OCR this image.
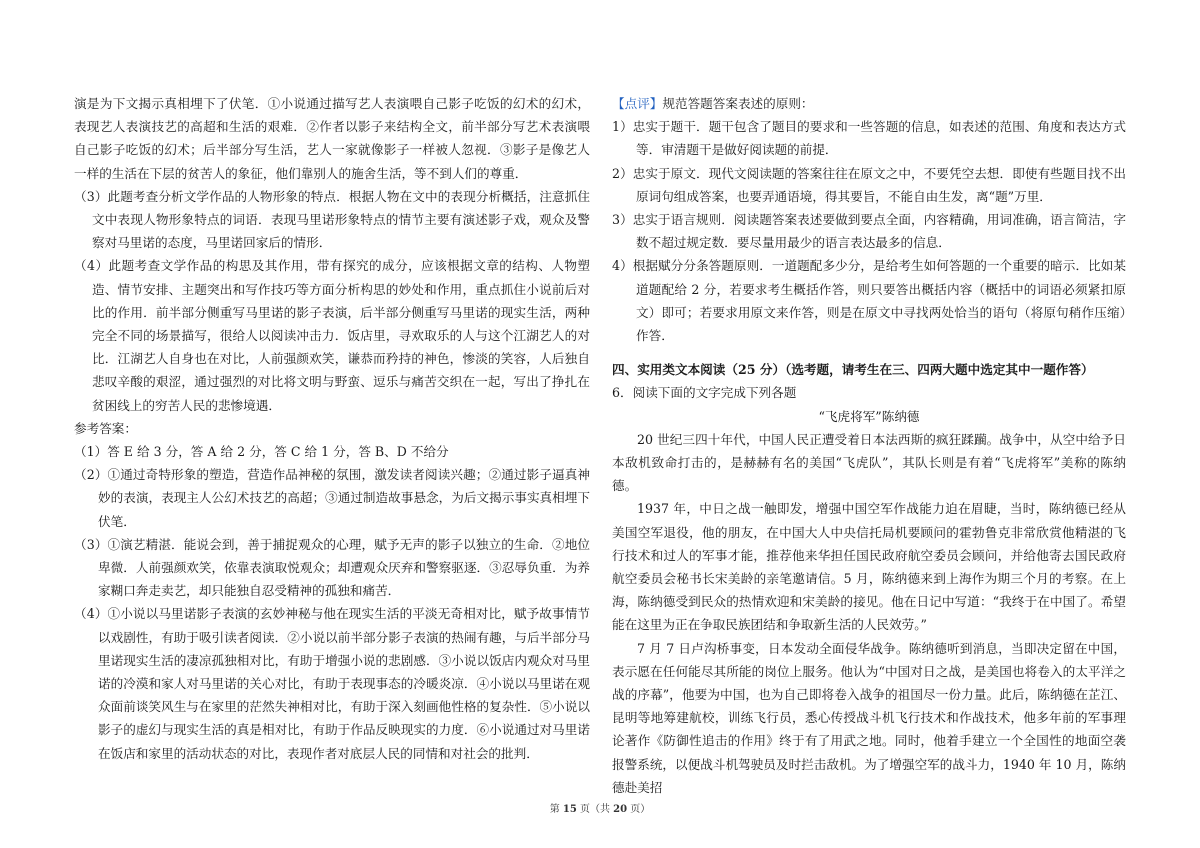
演是为下文揭示真相埋下了伏笔．①小说通过描写艺人表演喂自己影子吃饭的幻术的幻术，表现艺人表演技艺的高超和生活的艰难．②作者以影子来结构全文，前半部分写艺术表演喂自己影子吃饭的幻术；后半部分写生活，艺人一家就像影子一样被人忽视．③影子是像艺人一样的生活在下层的贫苦人的象征，他们靠别人的施舍生活，等不到人们的尊重．

（3）此题考查分析文学作品的人物形象的特点．根据人物在文中的表现分析概括，注意抓住文中表现人物形象特点的词语．表现马里诺形象特点的情节主要有演述影子戏，观众及警察对马里诺的态度，马里诺回家后的情形．

（4）此题考查文学作品的构思及其作用，带有探究的成分，应该根据文章的结构、人物塑造、情节安排、主题突出和写作技巧等方面分析构思的妙处和作用，重点抓住小说前后对比的作用．前半部分侧重写马里诺的影子表演，后半部分侧重写马里诺的现实生活，两种完全不同的场景描写，很给人以阅读冲击力．饭店里，寻欢取乐的人与这个江湖艺人的对比．江湖艺人自身也在对比，人前强颜欢笑，谦恭而矜持的神色，惨淡的笑容，人后独自悲叹辛酸的艰涩，通过强烈的对比将文明与野蛮、逗乐与痛苦交织在一起，写出了挣扎在贫困线上的穷苦人民的悲惨境遇．

参考答案：

（1）答 E 给 3 分，答 A 给 2 分，答 C 给 1 分，答 B、D 不给分

（2）①通过奇特形象的塑造，营造作品神秘的氛围，激发读者阅读兴趣；②通过影子逼真神妙的表演，表现主人公幻术技艺的高超；③通过制造故事悬念，为后文揭示事实真相埋下伏笔．

（3）①演艺精湛．能说会到，善于捕捉观众的心理，赋予无声的影子以独立的生命．②地位卑微．人前强颜欢笑，依靠表演取悦观众；却遭观众厌弃和警察驱逐．③忍辱负重．为养家糊口奔走卖艺，却只能独自忍受精神的孤独和痛苦．

（4）①小说以马里诺影子表演的玄妙神秘与他在现实生活的平淡无奇相对比，赋予故事情节以戏剧性，有助于吸引读者阅读．②小说以前半部分影子表演的热闹有趣，与后半部分马里诺现实生活的凄凉孤独相对比，有助于增强小说的悲剧感．③小说以饭店内观众对马里诺的冷漠和家人对马里诺的关心对比，有助于表现事态的冷暖炎凉．④小说以马里诺在观众面前谈笑风生与在家里的茫然失神相对比，有助于深入刻画他性格的复杂性．⑤小说以影子的虚幻与现实生活的真是相对比，有助于作品反映现实的力度．⑥小说通过对马里诺在饭店和家里的活动状态的对比，表现作者对底层人民的同情和对社会的批判．

【点评】规范答题答案表述的原则：

1）忠实于题干．题干包含了题目的要求和一些答题的信息，如表述的范围、角度和表达方式等．审清题干是做好阅读题的前提．

2）忠实于原文．现代文阅读题的答案往往在原文之中，不要凭空去想．即使有些题目找不出原词句组成答案，也要弄通语境，得其要旨，不能自由生发，离“题”万里．

3）忠实于语言规则．阅读题答案表述要做到要点全面，内容精确，用词准确，语言简洁，字数不超过规定数．要尽量用最少的语言表达最多的信息．

4）根据赋分分条答题原则．一道题配多少分，是给考生如何答题的一个重要的暗示．比如某道题配给 2 分，若要求考生概括作答，则只要答出概括内容（概括中的词语必须紧扣原文）即可；若要求用原文来作答，则是在原文中寻找两处恰当的语句（将原句稍作压缩）作答．

四、实用类文本阅读（25 分）（选考题，请考生在三、四两大题中选定其中一题作答）

6．阅读下面的文字完成下列各题

“飞虎将军”陈纳德

20 世纪三四十年代，中国人民正遭受着日本法西斯的疯狂蹂躏。战争中，从空中给予日本敌机致命打击的，是赫赫有名的美国“飞虎队”，其队长则是有着“飞虎将军”美称的陈纳德。

1937 年，中日之战一触即发，增强中国空军作战能力迫在眉睫，当时，陈纳德已经从美国空军退役，他的朋友，在中国大人中央信托局机要顾问的霍勃鲁克非常欣赏他精湛的飞行技术和过人的军事才能，推荐他来华担任国民政府航空委员会顾问，并给他寄去国民政府航空委员会秘书长宋美龄的亲笔邀请信。5 月，陈纳德来到上海作为期三个月的考察。在上海，陈纳德受到民众的热情欢迎和宋美龄的接见。他在日记中写道：“我终于在中国了。希望能在这里为正在争取民族团结和争取新生活的人民效劳。”

7 月 7 日卢沟桥事变，日本发动全面侵华战争。陈纳德听到消息，当即决定留在中国，表示愿在任何能尽其所能的岗位上服务。他认为“中国对日之战，是美国也将卷入的太平洋之战的序幕”，他要为中国，也为自己即将卷入战争的祖国尽一份力量。此后，陈纳德在芷江、昆明等地筹建航校，训练飞行员，悉心传授战斗机飞行技术和作战技术，他多年前的军事理论著作《防御性追击的作用》终于有了用武之地。同时，他着手建立一个全国性的地面空袭报警系统，以便战斗机驾驶员及时拦击敌机。为了增强空军的战斗力，1940 年 10 月，陈纳德赴美招

第 15 页（共 20 页）
